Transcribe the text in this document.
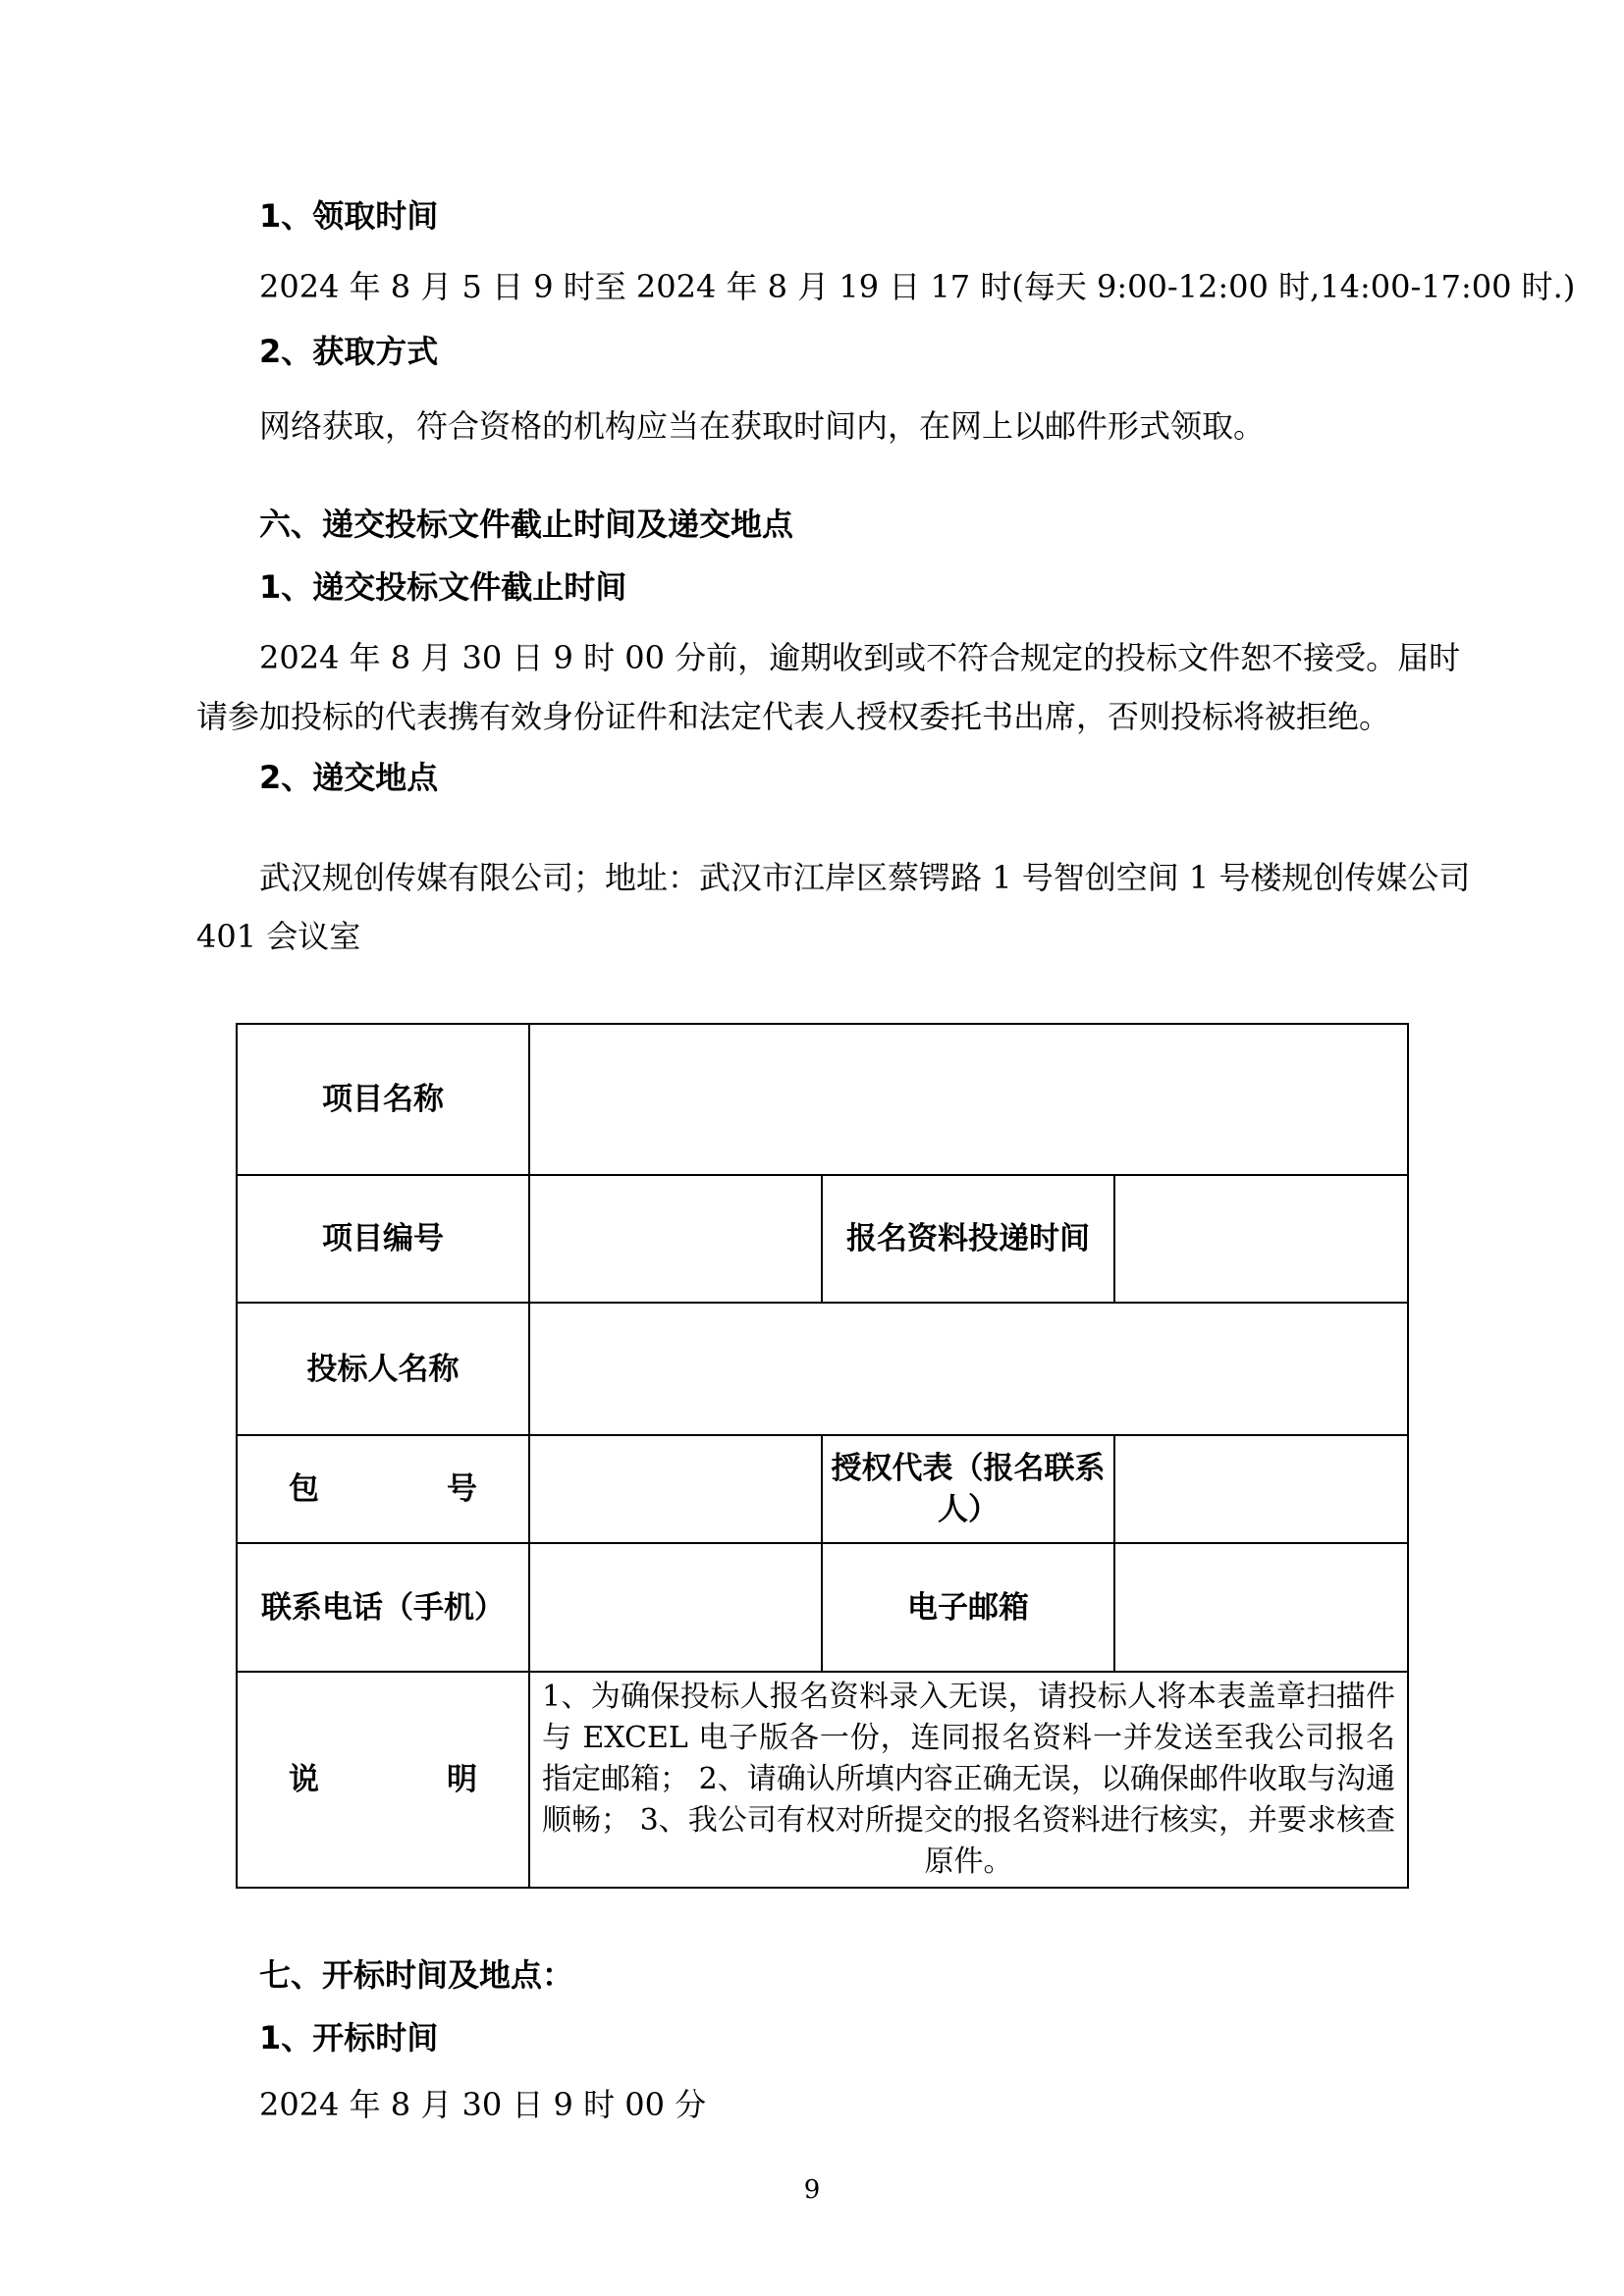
1、领取时间
2024 年 8 月 5 日 9 时至 2024 年 8 月 19 日 17 时(每天 9:00-12:00 时,14:00-17:00 时.)
2、获取方式
网络获取，符合资格的机构应当在获取时间内，在网上以邮件形式领取。
六、递交投标文件截止时间及递交地点
1、递交投标文件截止时间
2024 年 8 月 30 日 9 时 00 分前，逾期收到或不符合规定的投标文件恕不接受。届时请参加投标的代表携有效身份证件和法定代表人授权委托书出席，否则投标将被拒绝。
2、递交地点
武汉规创传媒有限公司；地址：武汉市江岸区蔡锷路 1 号智创空间 1 号楼规创传媒公司 401 会议室
项目名称			
项目编号		报名资料投递时间	
投标人名称			
包 号		授权代表（报名联系人）	
联系电话（手机）		电子邮箱	
说 明	1、为确保投标人报名资料录入无误，请投标人将本表盖章扫描件与 EXCEL 电子版各一份，连同报名资料一并发送至我公司报名指定邮箱； 2、请确认所填内容正确无误，以确保邮件收取与沟通顺畅； 3、我公司有权对所提交的报名资料进行核实，并要求核查原件。		
七、开标时间及地点：
1、开标时间
2024 年 8 月 30 日 9 时 00 分
9
